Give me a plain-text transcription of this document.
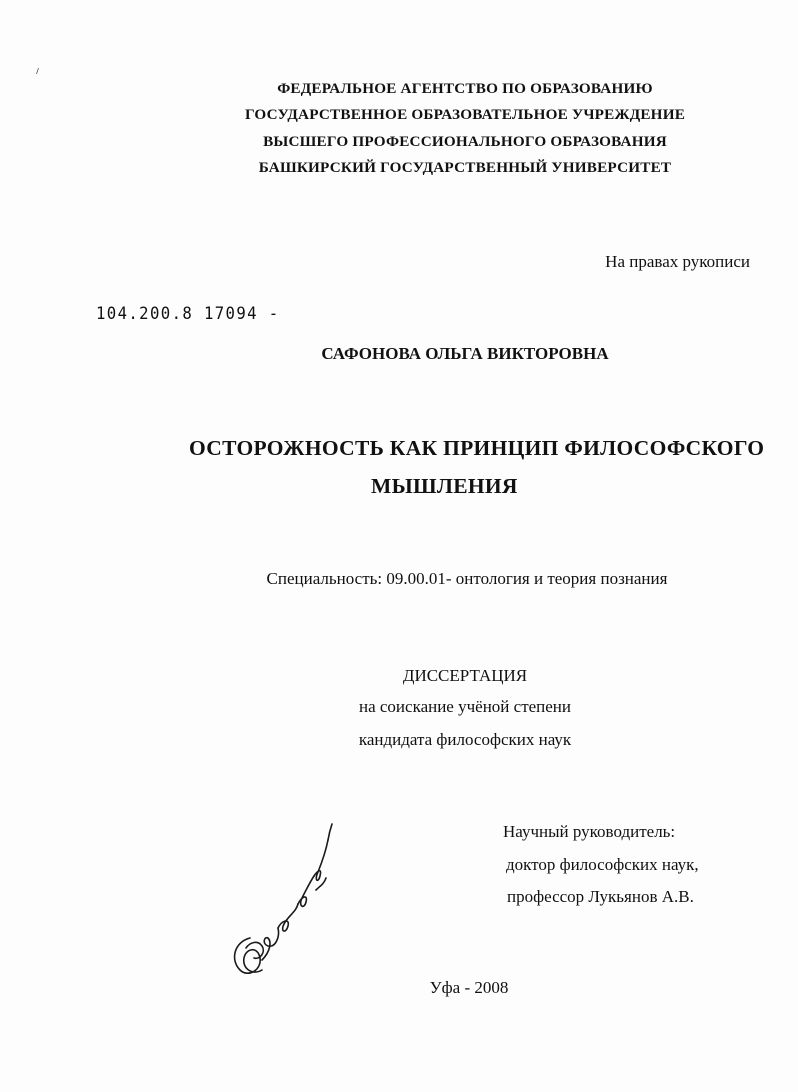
ФЕДЕРАЛЬНОЕ АГЕНТСТВО ПО ОБРАЗОВАНИЮ
ГОСУДАРСТВЕННОЕ ОБРАЗОВАТЕЛЬНОЕ УЧРЕЖДЕНИЕ
ВЫСШЕГО ПРОФЕССИОНАЛЬНОГО ОБРАЗОВАНИЯ
БАШКИРСКИЙ ГОСУДАРСТВЕННЫЙ УНИВЕРСИТЕТ
На правах рукописи
104.200.8 17094 -
САФОНОВА ОЛЬГА ВИКТОРОВНА
ОСТОРОЖНОСТЬ КАК ПРИНЦИП ФИЛОСОФСКОГО
МЫШЛЕНИЯ
Специальность: 09.00.01- онтология и теория познания
ДИССЕРТАЦИЯ
на соискание учёной степени
кандидата философских наук
Научный руководитель:
доктор философских наук,
профессор Лукьянов А.В.
Уфа - 2008
